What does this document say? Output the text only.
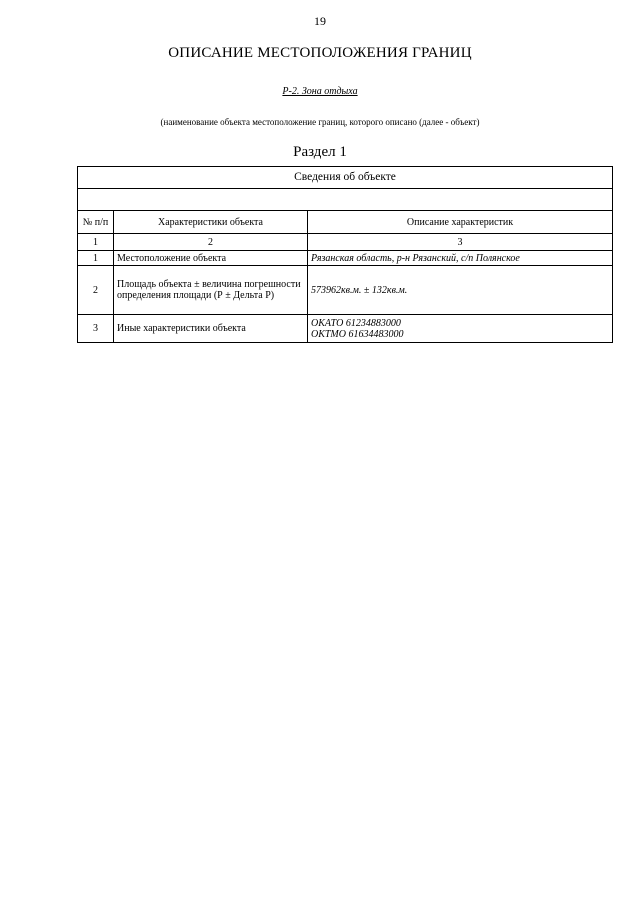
19
ОПИСАНИЕ МЕСТОПОЛОЖЕНИЯ ГРАНИЦ
Р-2. Зона отдыха
(наименование объекта местоположение границ, которого описано (далее - объект)
Раздел 1
Сведения об объекте		

№ п/п	Характеристики объекта	Описание характеристик
1	2	3
1	Местоположение объекта	Рязанская область, р-н Рязанский, с/п Полянское
2	Площадь объекта ± величина погрешности определения площади (Р ± Дельта Р)	573962кв.м. ± 132кв.м.
3	Иные характеристики объекта	ОКАТО 61234883000
ОКТМО 61634483000
